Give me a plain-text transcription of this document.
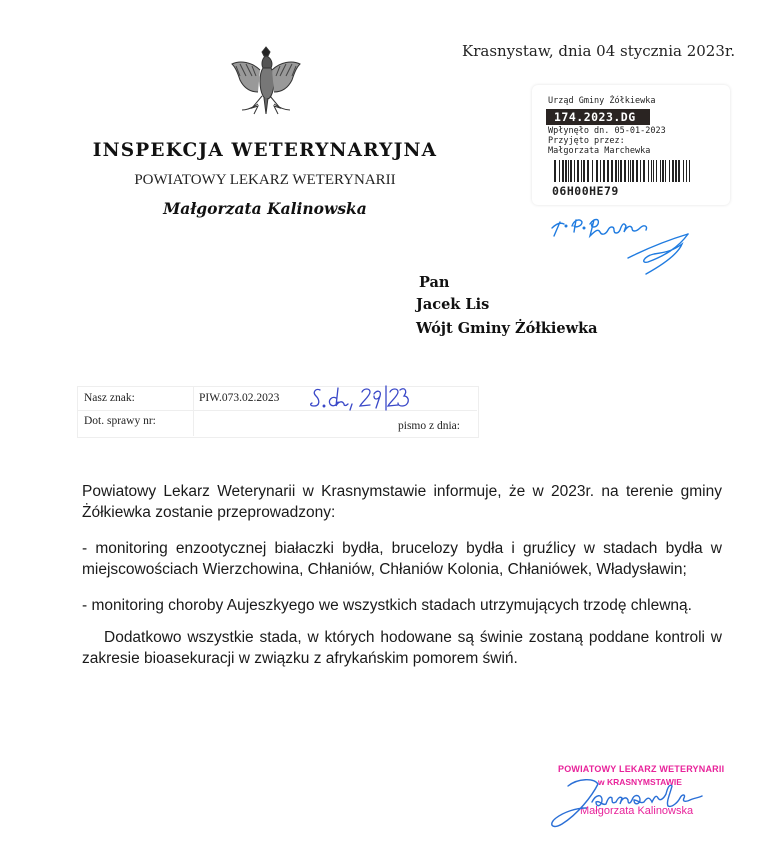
Krasnystaw, dnia 04 stycznia 2023r.
INSPEKCJA WETERYNARYJNA
POWIATOWY LEKARZ WETERYNARII
Małgorzata Kalinowska
Urząd Gminy Żółkiewka
174.2023.DG
Wpłynęło dn. 05-01-2023
Przyjęto przez:
Małgorzata Marchewka
06H00HE79
Pan
Jacek Lis
Wójt Gminy Żółkiewka
Nasz znak:	PIW.073.02.2023
Dot. sprawy nr:	pismo z dnia:
Powiatowy Lekarz Weterynarii w Krasnymstawie informuje, że w 2023r. na terenie gminy Żółkiewka zostanie przeprowadzony:
- monitoring enzootycznej białaczki bydła, brucelozy bydła i gruźlicy w stadach bydła w miejscowościach Wierzchowina, Chłaniów, Chłaniów Kolonia, Chłaniówek, Władysławin;
- monitoring choroby Aujeszkyego we wszystkich stadach utrzymujących trzodę chlewną.
Dodatkowo wszystkie stada, w których hodowane są świnie zostaną poddane kontroli w zakresie bioasekuracji w związku z afrykańskim pomorem świń.
POWIATOWY LEKARZ WETERYNARII
w KRASNYMSTAWIE
Małgorzata Kalinowska
